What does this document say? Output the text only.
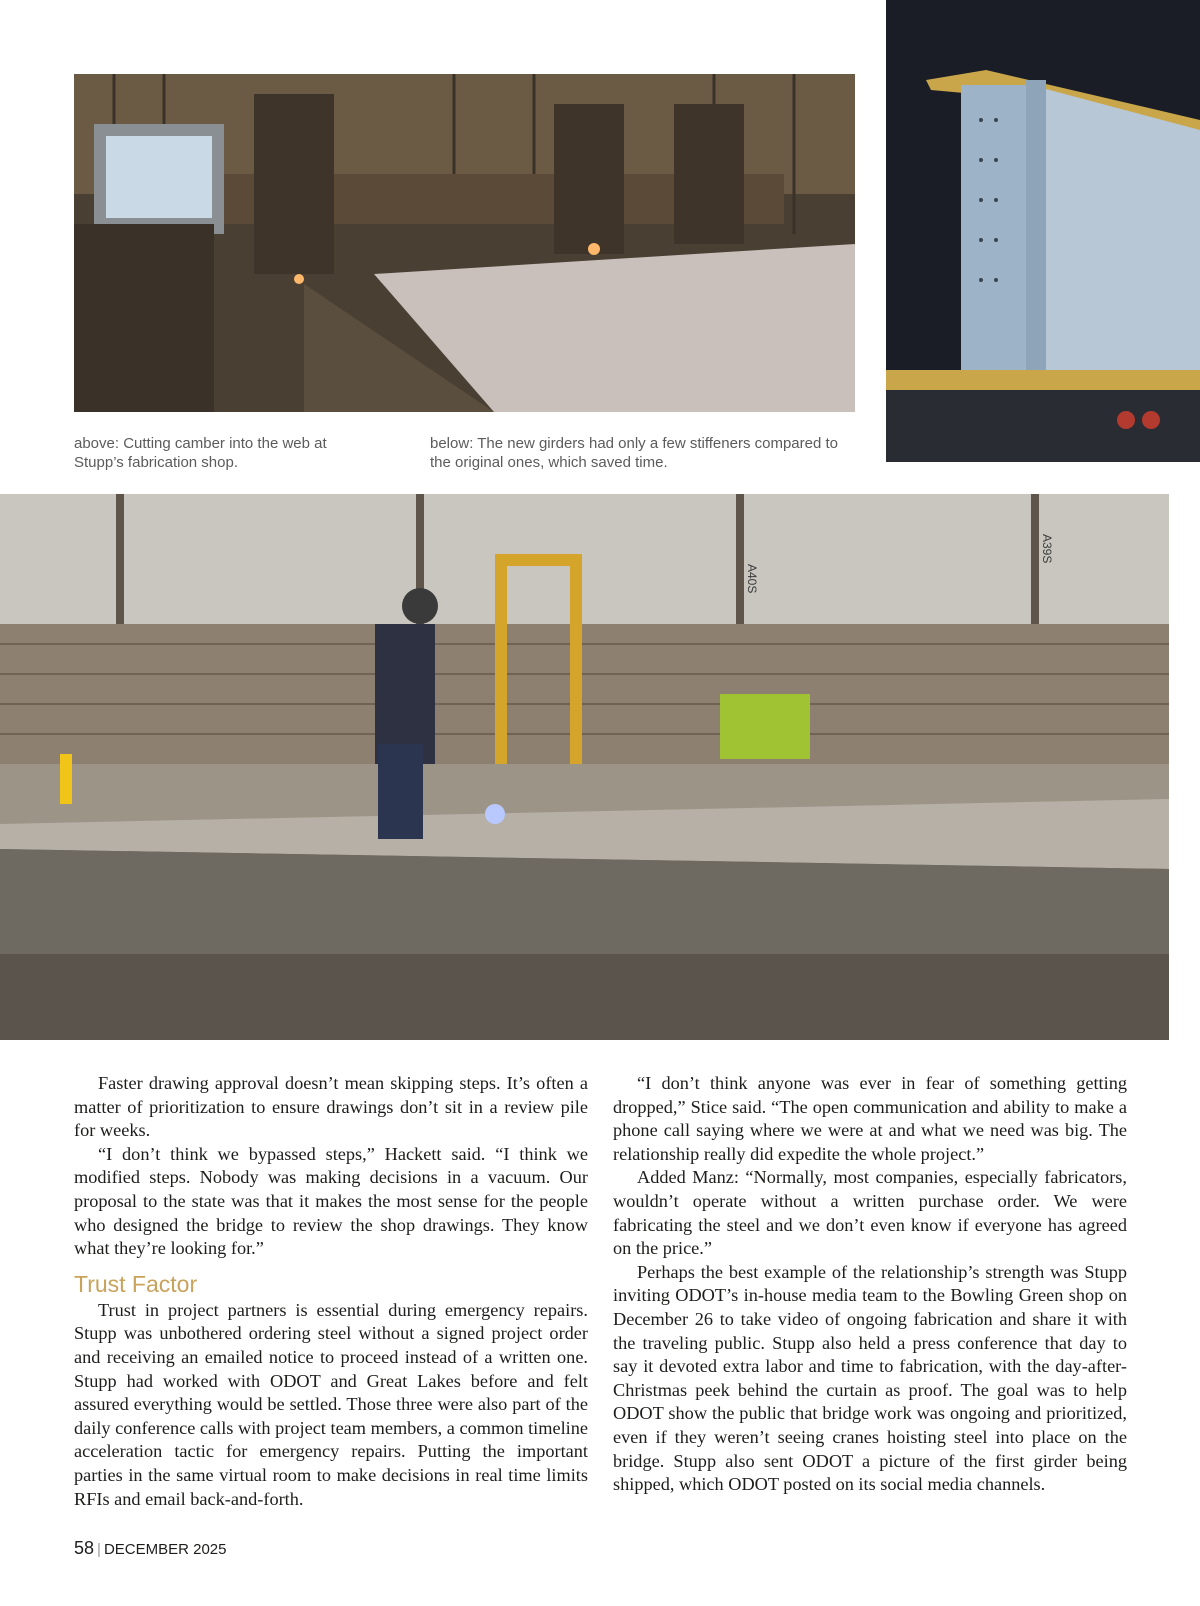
above: Cutting camber into the web at Stupp’s fabrication shop.
below: The new girders had only a few stiffeners compared to the original ones, which saved time.
A40S
A39S

Faster drawing approval doesn’t mean skipping steps. It’s often a matter of prioritization to ensure drawings don’t sit in a review pile for weeks.

“I don’t think we bypassed steps,” Hackett said. “I think we modified steps. Nobody was making decisions in a vacuum. Our proposal to the state was that it makes the most sense for the people who designed the bridge to review the shop drawings. They know what they’re looking for.”

Trust Factor

Trust in project partners is essential during emergency repairs. Stupp was unbothered ordering steel without a signed project order and receiving an emailed notice to proceed instead of a written one. Stupp had worked with ODOT and Great Lakes before and felt assured everything would be settled. Those three were also part of the daily conference calls with project team members, a common timeline acceleration tactic for emergency repairs. Putting the important parties in the same virtual room to make decisions in real time limits RFIs and email back-and-forth.

“I don’t think anyone was ever in fear of something getting dropped,” Stice said. “The open communication and ability to make a phone call saying where we were at and what we need was big. The relationship really did expedite the whole project.”

Added Manz: “Normally, most companies, especially fabricators, wouldn’t operate without a written purchase order. We were fabricating the steel and we don’t even know if everyone has agreed on the price.”

Perhaps the best example of the relationship’s strength was Stupp inviting ODOT’s in-house media team to the Bowling Green shop on December 26 to take video of ongoing fabrication and share it with the traveling public. Stupp also held a press conference that day to say it devoted extra labor and time to fabrication, with the day-after-Christmas peek behind the curtain as proof. The goal was to help ODOT show the public that bridge work was ongoing and prioritized, even if they weren’t seeing cranes hoisting steel into place on the bridge. Stupp also sent ODOT a picture of the first girder being shipped, which ODOT posted on its social media channels.

58 | DECEMBER 2025
